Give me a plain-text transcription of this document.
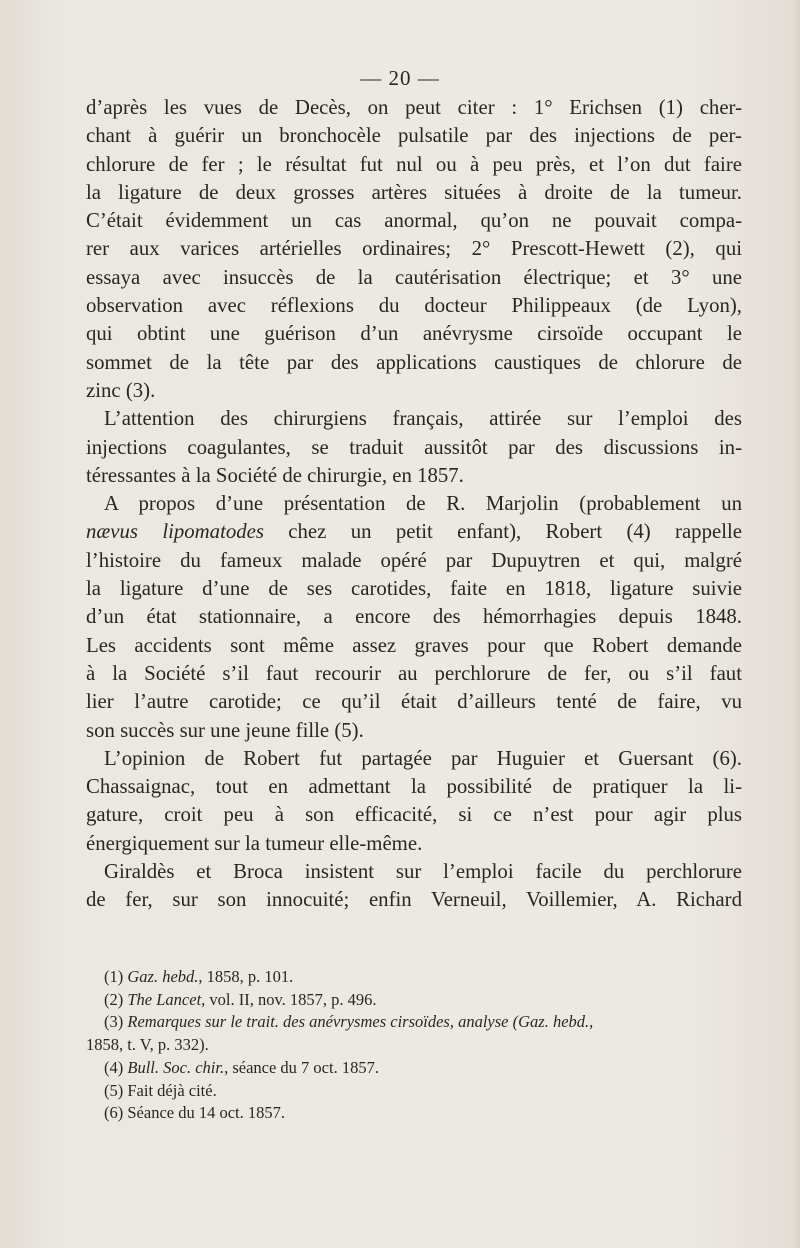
— 20 —
d’après les vues de Decès, on peut citer : 1° Erichsen (1) cher-
chant à guérir un bronchocèle pulsatile par des injections de per-
chlorure de fer ; le résultat fut nul ou à peu près, et l’on dut faire
la ligature de deux grosses artères situées à droite de la tumeur.
C’était évidemment un cas anormal, qu’on ne pouvait compa-
rer aux varices artérielles ordinaires; 2° Prescott-Hewett (2), qui
essaya avec insuccès de la cautérisation électrique; et 3° une
observation avec réflexions du docteur Philippeaux (de Lyon),
qui obtint une guérison d’un anévrysme cirsoïde occupant le
sommet de la tête par des applications caustiques de chlorure de
zinc (3).
L’attention des chirurgiens français, attirée sur l’emploi des
injections coagulantes, se traduit aussitôt par des discussions in-
téressantes à la Société de chirurgie, en 1857.
A propos d’une présentation de R. Marjolin (probablement un
nævus lipomatodes chez un petit enfant), Robert (4) rappelle
l’histoire du fameux malade opéré par Dupuytren et qui, malgré
la ligature d’une de ses carotides, faite en 1818, ligature suivie
d’un état stationnaire, a encore des hémorrhagies depuis 1848.
Les accidents sont même assez graves pour que Robert demande
à la Société s’il faut recourir au perchlorure de fer, ou s’il faut
lier l’autre carotide; ce qu’il était d’ailleurs tenté de faire, vu
son succès sur une jeune fille (5).
L’opinion de Robert fut partagée par Huguier et Guersant (6).
Chassaignac, tout en admettant la possibilité de pratiquer la li-
gature, croit peu à son efficacité, si ce n’est pour agir plus
énergiquement sur la tumeur elle-même.
Giraldès et Broca insistent sur l’emploi facile du perchlorure
de fer, sur son innocuité; enfin Verneuil, Voillemier, A. Richard
(1) Gaz. hebd., 1858, p. 101.
(2) The Lancet, vol. II, nov. 1857, p. 496.
(3) Remarques sur le trait. des anévrysmes cirsoïdes, analyse (Gaz. hebd.,
1858, t. V, p. 332).
(4) Bull. Soc. chir., séance du 7 oct. 1857.
(5) Fait déjà cité.
(6) Séance du 14 oct. 1857.
